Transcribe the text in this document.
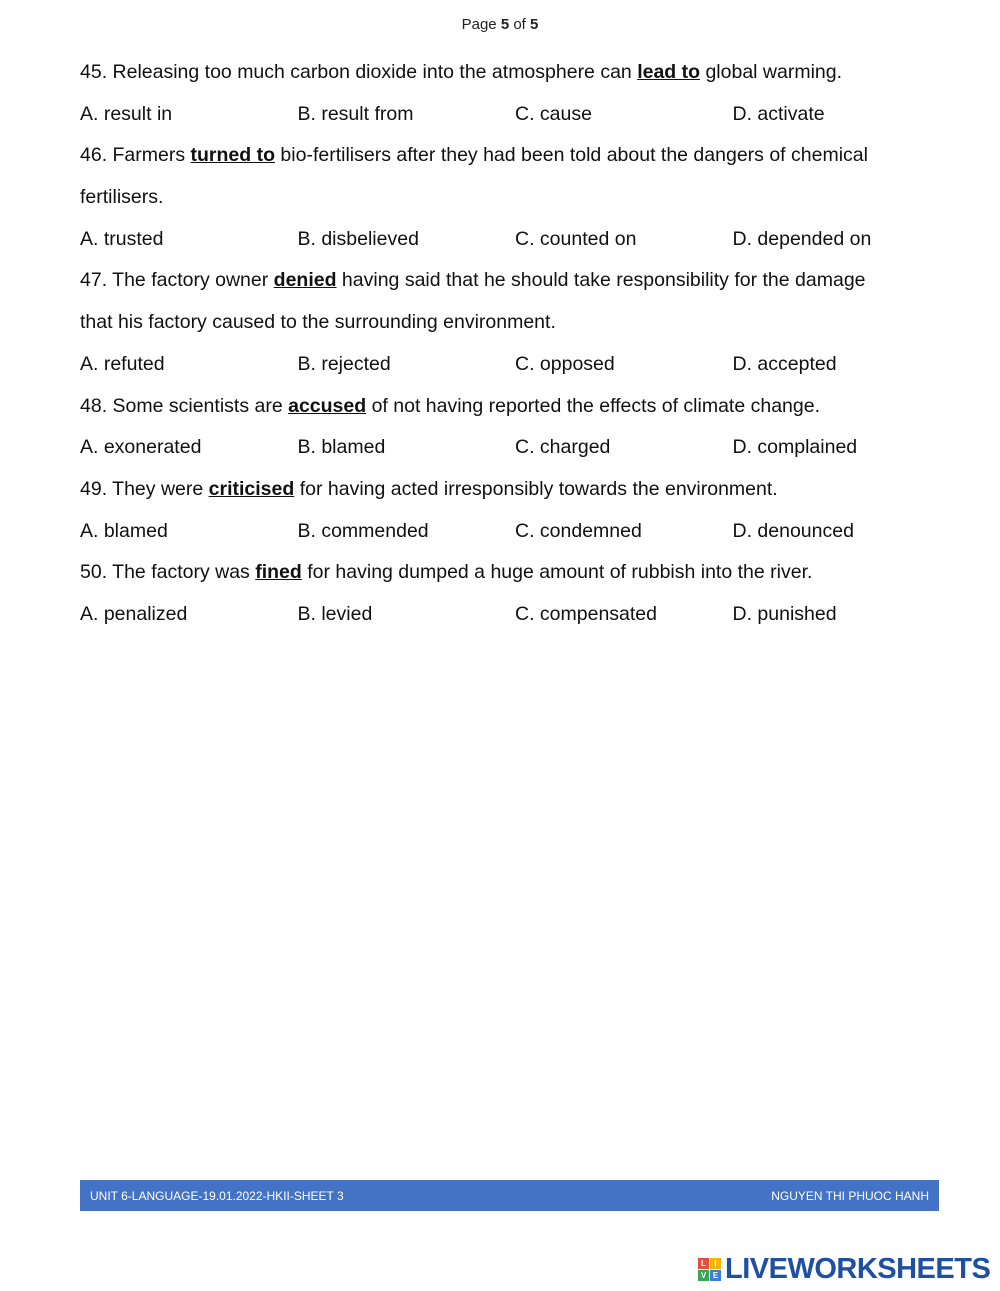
Page 5 of 5
45. Releasing too much carbon dioxide into the atmosphere can lead to global warming.
A. result in	B. result from	C. cause	D. activate
46. Farmers turned to bio-fertilisers after they had been told about the dangers of chemical
fertilisers.
A. trusted	B. disbelieved	C. counted on	D. depended on
47. The factory owner denied having said that he should take responsibility for the damage
that his factory caused to the surrounding environment.
A. refuted	B. rejected	C. opposed	D. accepted
48. Some scientists are accused of not having reported the effects of climate change.
A. exonerated	B. blamed	C. charged	D. complained
49. They were criticised for having acted irresponsibly towards the environment.
A. blamed	B. commended	C. condemned	D. denounced
50. The factory was fined for having dumped a huge amount of rubbish into the river.
A. penalized	B. levied	C. compensated	D. punished
UNIT 6-LANGUAGE-19.01.2022-HKII-SHEET 3	NGUYEN THI PHUOC HANH
L	I
V E LIVEWORKSHEETS
